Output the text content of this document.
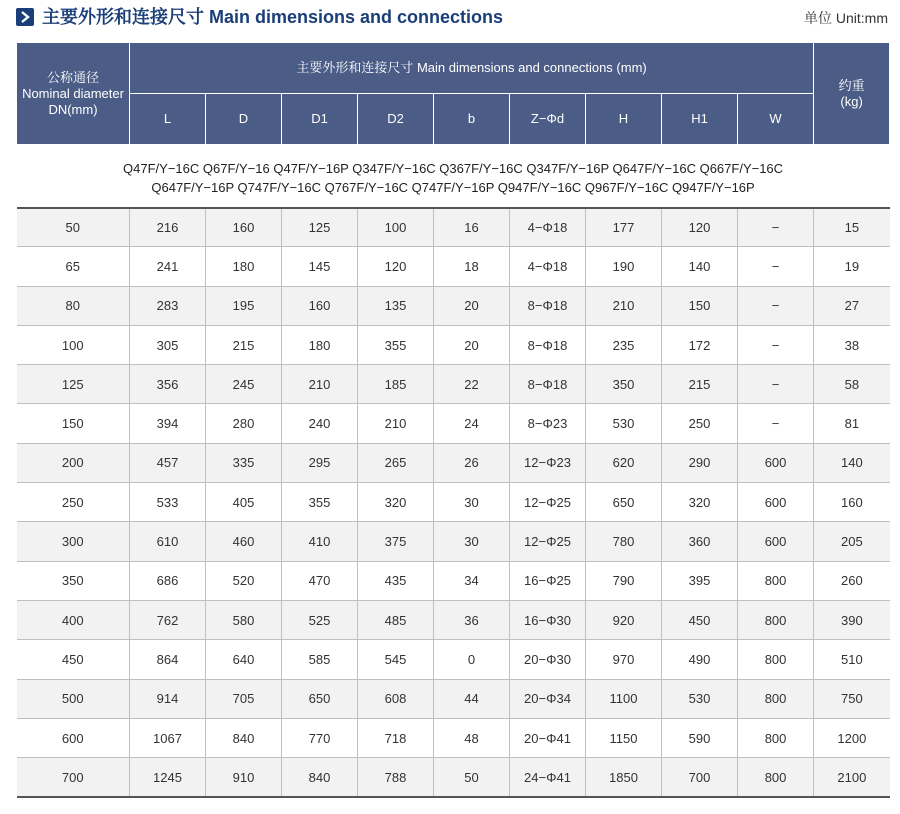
主要外形和连接尺寸 Main dimensions and connections	单位 Unit:mm
公称通径
Nominal diameter
DN(mm)	主要外形和连接尺寸 Main dimensions and connections (mm)									约重
(kg)
	L	D	D1	D2	b	Z−Φd	H	H1	W	

Q47F/Y−16C Q67F/Y−16 Q47F/Y−16P Q347F/Y−16C Q367F/Y−16C Q347F/Y−16P Q647F/Y−16C Q667F/Y−16C
Q647F/Y−16P Q747F/Y−16C Q767F/Y−16C Q747F/Y−16P Q947F/Y−16C Q967F/Y−16C Q947F/Y−16P										

50	216	160	125	100	16	4−Φ18	177	120	−	15
65	241	180	145	120	18	4−Φ18	190	140	−	19
80	283	195	160	135	20	8−Φ18	210	150	−	27
100	305	215	180	355	20	8−Φ18	235	172	−	38
125	356	245	210	185	22	8−Φ18	350	215	−	58
150	394	280	240	210	24	8−Φ23	530	250	−	81
200	457	335	295	265	26	12−Φ23	620	290	600	140
250	533	405	355	320	30	12−Φ25	650	320	600	160
300	610	460	410	375	30	12−Φ25	780	360	600	205
350	686	520	470	435	34	16−Φ25	790	395	800	260
400	762	580	525	485	36	16−Φ30	920	450	800	390
450	864	640	585	545	0	20−Φ30	970	490	800	510
500	914	705	650	608	44	20−Φ34	1100	530	800	750
600	1067	840	770	718	48	20−Φ41	1150	590	800	1200
700	1245	910	840	788	50	24−Φ41	1850	700	800	2100
